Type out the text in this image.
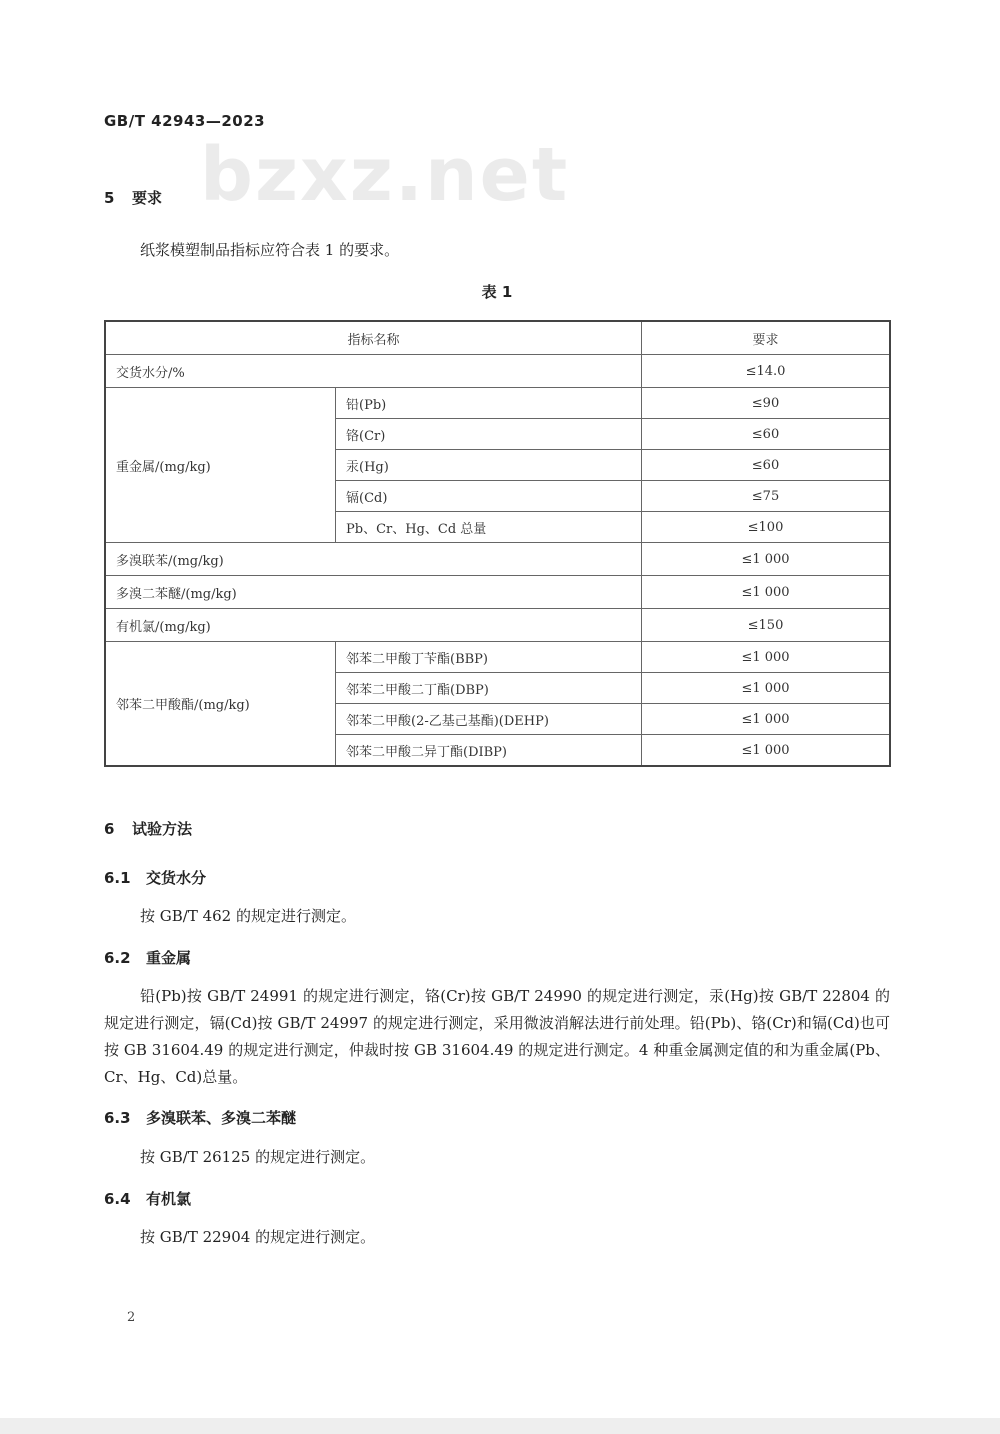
GB/T 42943—2023
bzxz.net
5 要求
纸浆模塑制品指标应符合表 1 的要求。
表 1
指标名称		要求
交货水分/%		≤14.0
重金属/(mg/kg)	铅(Pb)	≤90
	铬(Cr)	≤60
	汞(Hg)	≤60
	镉(Cd)	≤75
	Pb、Cr、Hg、Cd 总量	≤100
多溴联苯/(mg/kg)		≤1 000
多溴二苯醚/(mg/kg)		≤1 000
有机氯/(mg/kg)		≤150
邻苯二甲酸酯/(mg/kg)	邻苯二甲酸丁苄酯(BBP)	≤1 000
	邻苯二甲酸二丁酯(DBP)	≤1 000
	邻苯二甲酸(2-乙基己基酯)(DEHP)	≤1 000
	邻苯二甲酸二异丁酯(DIBP)	≤1 000
6 试验方法
6.1 交货水分
按 GB/T 462 的规定进行测定。
6.2 重金属
铅(Pb)按 GB/T 24991 的规定进行测定，铬(Cr)按 GB/T 24990 的规定进行测定，汞(Hg)按 GB/T 22804 的规定进行测定，镉(Cd)按 GB/T 24997 的规定进行测定，采用微波消解法进行前处理。铅(Pb)、铬(Cr)和镉(Cd)也可按 GB 31604.49 的规定进行测定，仲裁时按 GB 31604.49 的规定进行测定。4 种重金属测定值的和为重金属(Pb、Cr、Hg、Cd)总量。
6.3 多溴联苯、多溴二苯醚
按 GB/T 26125 的规定进行测定。
6.4 有机氯
按 GB/T 22904 的规定进行测定。
2
